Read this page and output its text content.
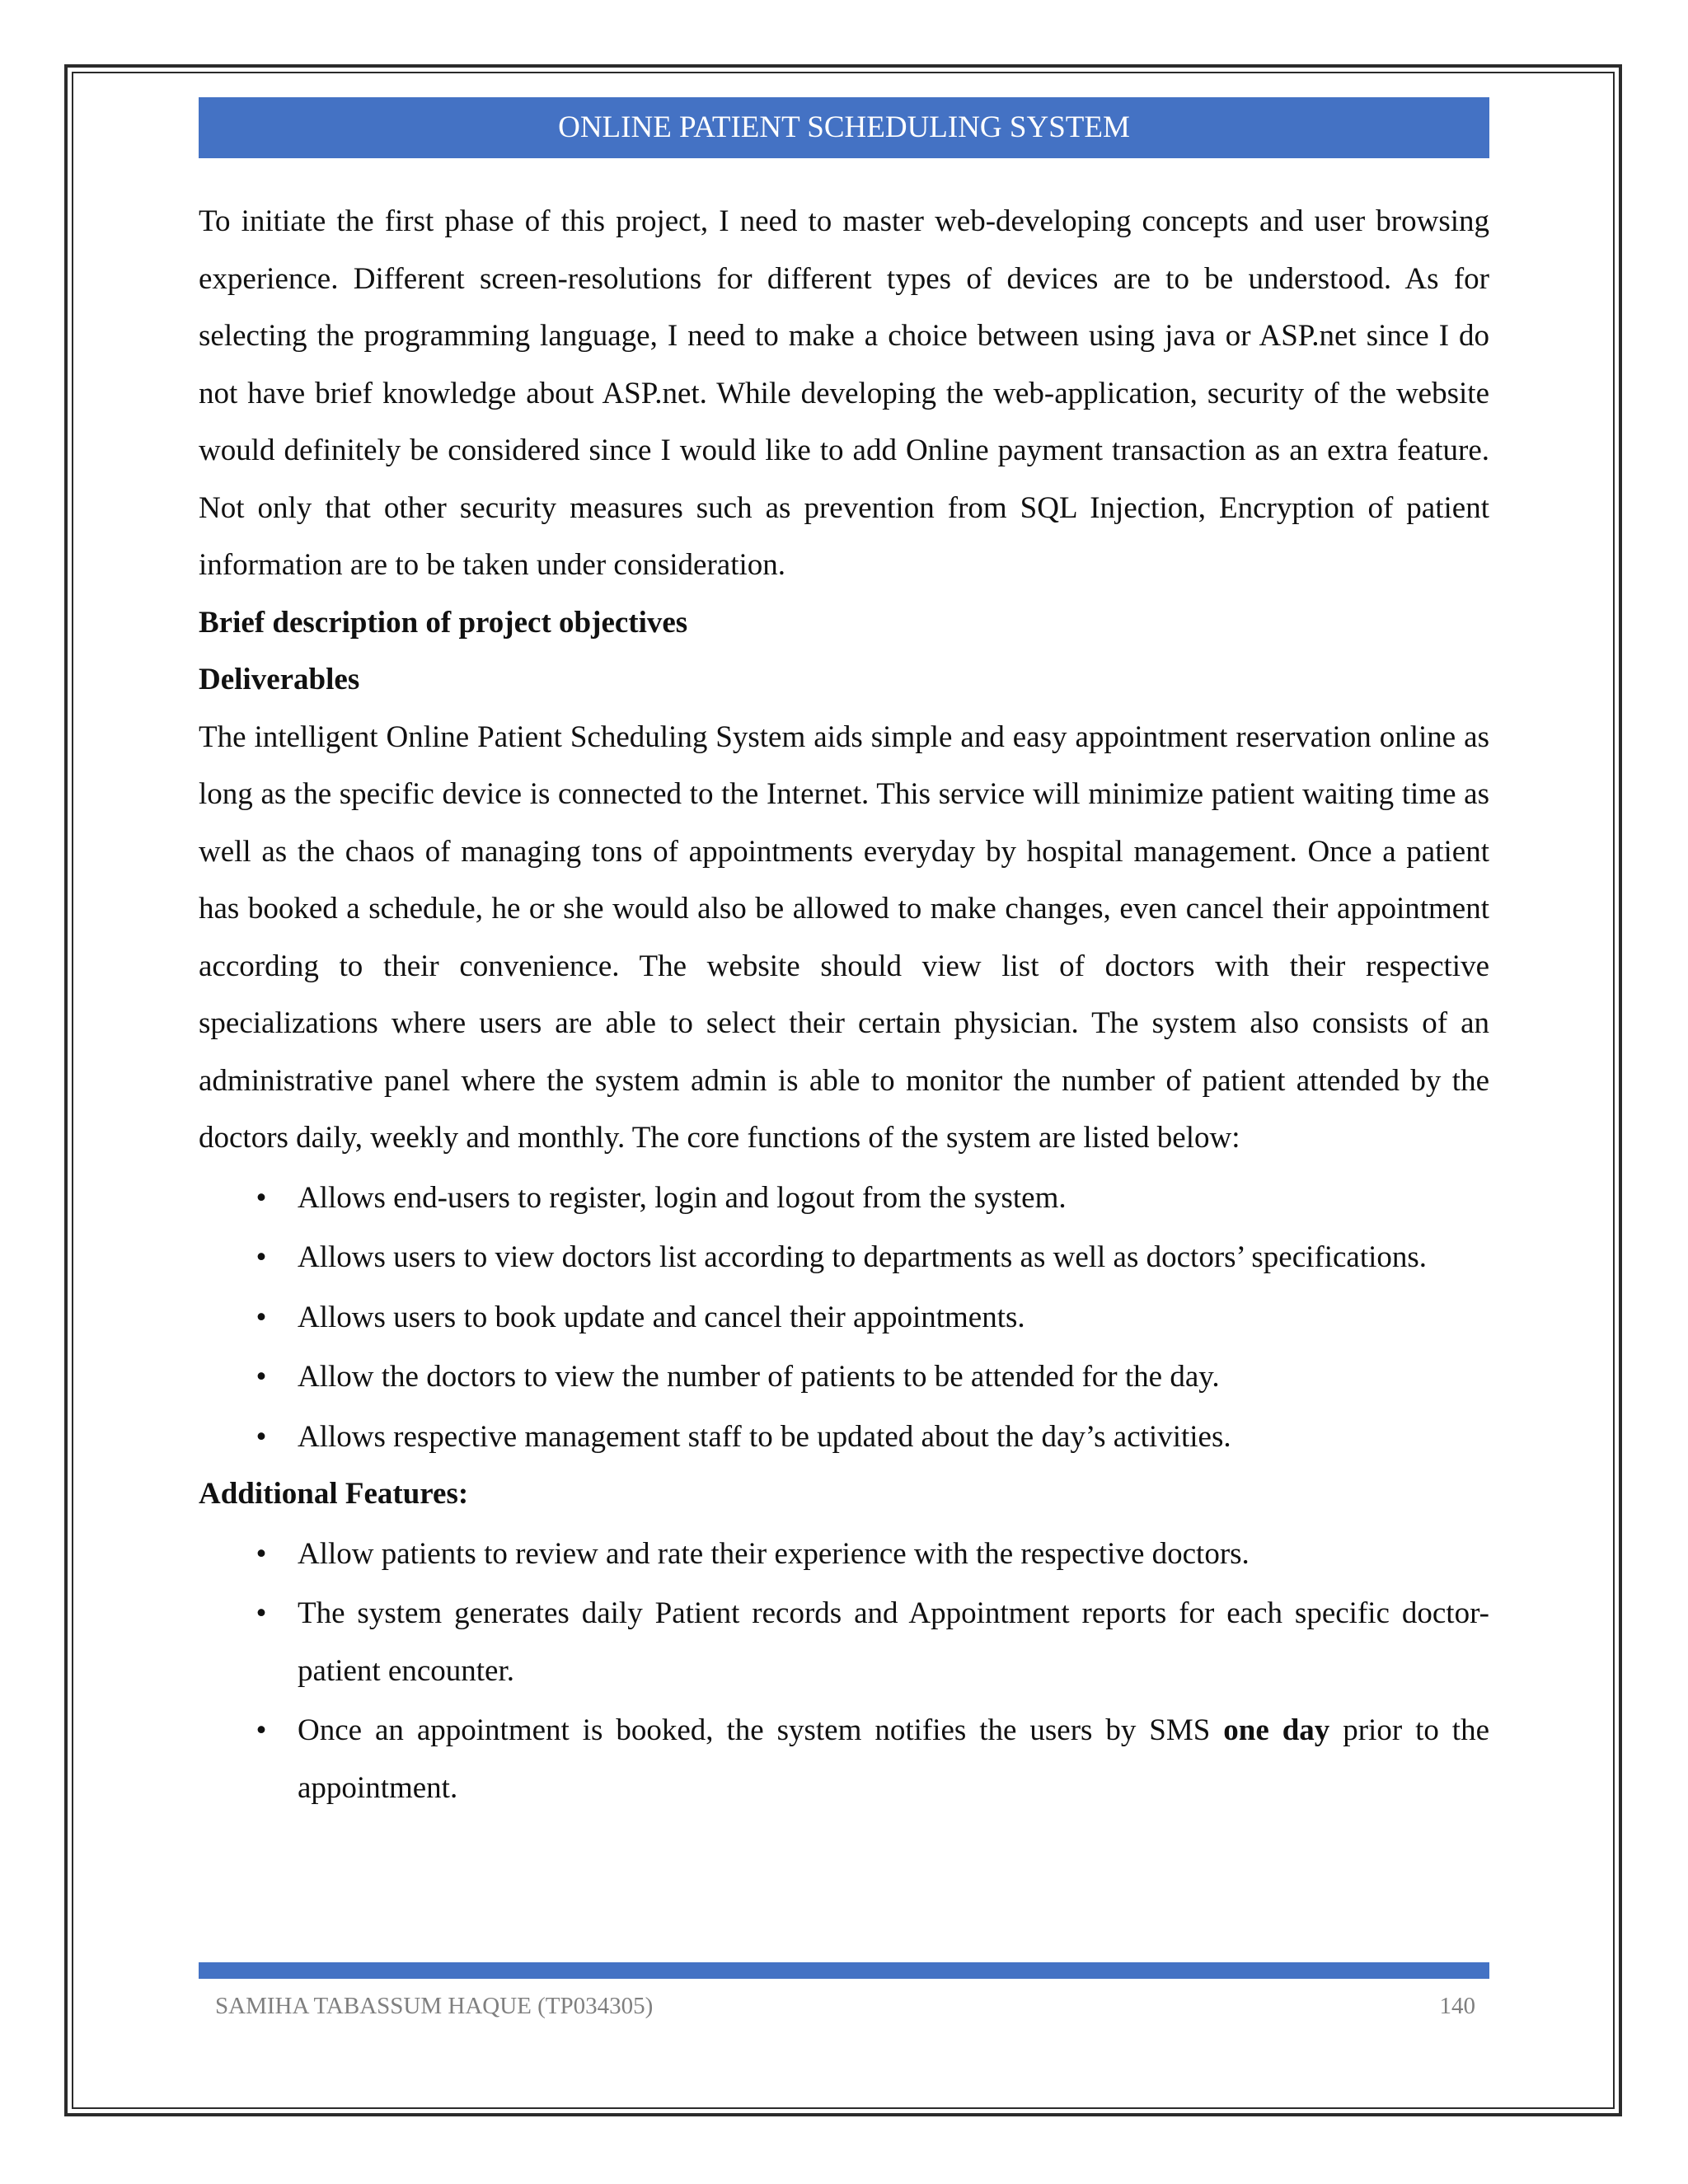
ONLINE PATIENT SCHEDULING SYSTEM

To initiate the first phase of this project, I need to master web-developing concepts and user browsing experience. Different screen-resolutions for different types of devices are to be understood. As for selecting the programming language, I need to make a choice between using java or ASP.net since I do not have brief knowledge about ASP.net. While developing the web-application, security of the website would definitely be considered since I would like to add Online payment transaction as an extra feature. Not only that other security measures such as prevention from SQL Injection, Encryption of patient information are to be taken under consideration.

Brief description of project objectives

Deliverables

The intelligent Online Patient Scheduling System aids simple and easy appointment reservation online as long as the specific device is connected to the Internet. This service will minimize patient waiting time as well as the chaos of managing tons of appointments everyday by hospital management. Once a patient has booked a schedule, he or she would also be allowed to make changes, even cancel their appointment according to their convenience. The website should view list of doctors with their respective specializations where users are able to select their certain physician. The system also consists of an administrative panel where the system admin is able to monitor the number of patient attended by the doctors daily, weekly and monthly. The core functions of the system are listed below:

• Allows end-users to register, login and logout from the system.
• Allows users to view doctors list according to departments as well as doctors’ specifications.
• Allows users to book update and cancel their appointments.
• Allow the doctors to view the number of patients to be attended for the day.
• Allows respective management staff to be updated about the day’s activities.

Additional Features:

• Allow patients to review and rate their experience with the respective doctors.
• The system generates daily Patient records and Appointment reports for each specific doctor-patient encounter.
• Once an appointment is booked, the system notifies the users by SMS one day prior to the appointment.
SAMIHA TABASSUM HAQUE (TP034305)	140
